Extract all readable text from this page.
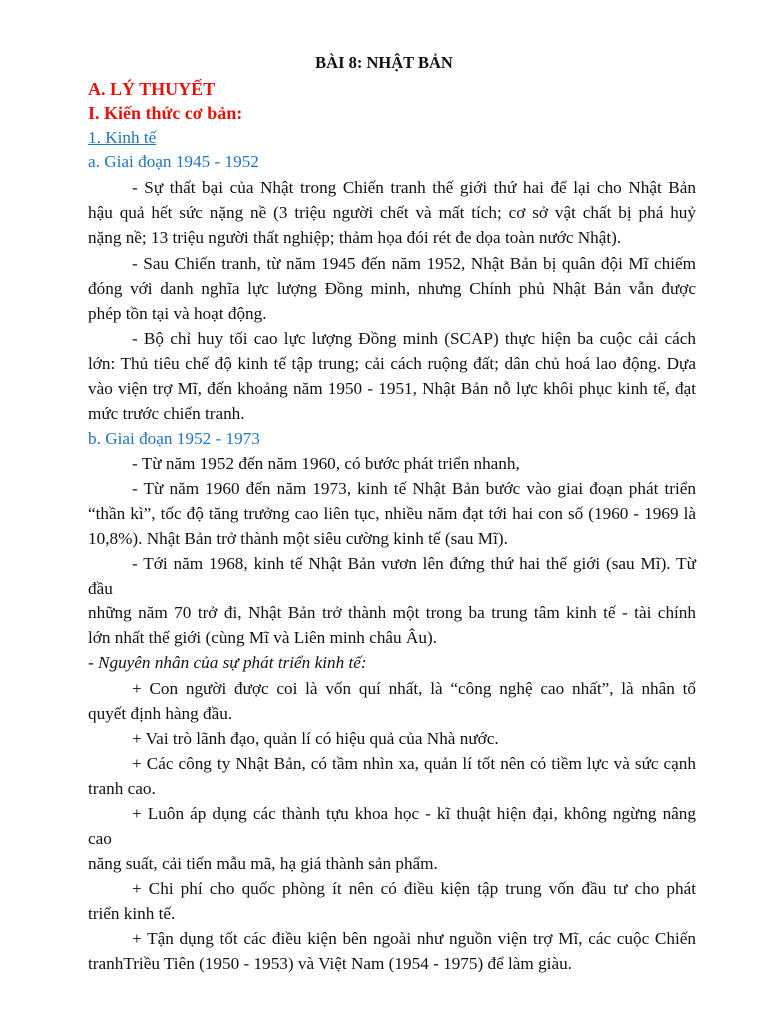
BÀI 8: NHẬT BẢN
A. LÝ THUYẾT
I. Kiến thức cơ bản:
1. Kinh tế
a. Giai đoạn 1945 - 1952
- Sự thất bại của Nhật trong Chiến tranh thế giới thứ hai để lại cho Nhật Bản
hậu quả hết sức nặng nề (3 triệu người chết và mất tích; cơ sở vật chất bị phá huỷ
nặng nề; 13 triệu người thất nghiệp; thảm họa đói rét đe dọa toàn nước Nhật).
- Sau Chiến tranh, từ năm 1945 đến năm 1952, Nhật Bản bị quân đội Mĩ chiếm
đóng với danh nghĩa lực lượng Đồng minh, nhưng Chính phủ Nhật Bản vẫn được
phép tồn tại và hoạt động.
- Bộ chỉ huy tối cao lực lượng Đồng minh (SCAP) thực hiện ba cuộc cải cách
lớn: Thủ tiêu chế độ kinh tế tập trung; cải cách ruộng đất; dân chủ hoá lao động. Dựa
vào viện trợ Mĩ, đến khoảng năm 1950 - 1951, Nhật Bản nỗ lực khôi phục kinh tế, đạt
mức trước chiến tranh.
b. Giai đoạn 1952 - 1973
- Từ năm 1952 đến năm 1960, có bước phát triển nhanh,
- Từ năm 1960 đến năm 1973, kinh tế Nhật Bản bước vào giai đoạn phát triển
“thần kì”, tốc độ tăng trưởng cao liên tục, nhiều năm đạt tới hai con số (1960 - 1969 là
10,8%). Nhật Bản trở thành một siêu cường kinh tế (sau Mĩ).
- Tới năm 1968, kinh tế Nhật Bản vươn lên đứng thứ hai thế giới (sau Mĩ). Từ
đầu
những năm 70 trở đi, Nhật Bản trở thành một trong ba trung tâm kinh tế - tài chính
lớn nhất thế giới (cùng Mĩ và Liên minh châu Âu).
- Nguyên nhân của sự phát triển kinh tế:
+ Con người được coi là vốn quí nhất, là “công nghệ cao nhất”, là nhân tố
quyết định hàng đầu.
+ Vai trò lãnh đạo, quản lí có hiệu quả của Nhà nước.
+ Các công ty Nhật Bản, có tầm nhìn xa, quản lí tốt nên có tiềm lực và sức cạnh
tranh cao.
+ Luôn áp dụng các thành tựu khoa học - kĩ thuật hiện đại, không ngừng nâng
cao
năng suất, cải tiến mẫu mã, hạ giá thành sản phẩm.
+ Chi phí cho quốc phòng ít nên có điều kiện tập trung vốn đầu tư cho phát
triển kinh tế.
+ Tận dụng tốt các điều kiện bên ngoài như nguồn viện trợ Mĩ, các cuộc Chiến
tranhTriều Tiên (1950 - 1953) và Việt Nam (1954 - 1975) để làm giàu.
